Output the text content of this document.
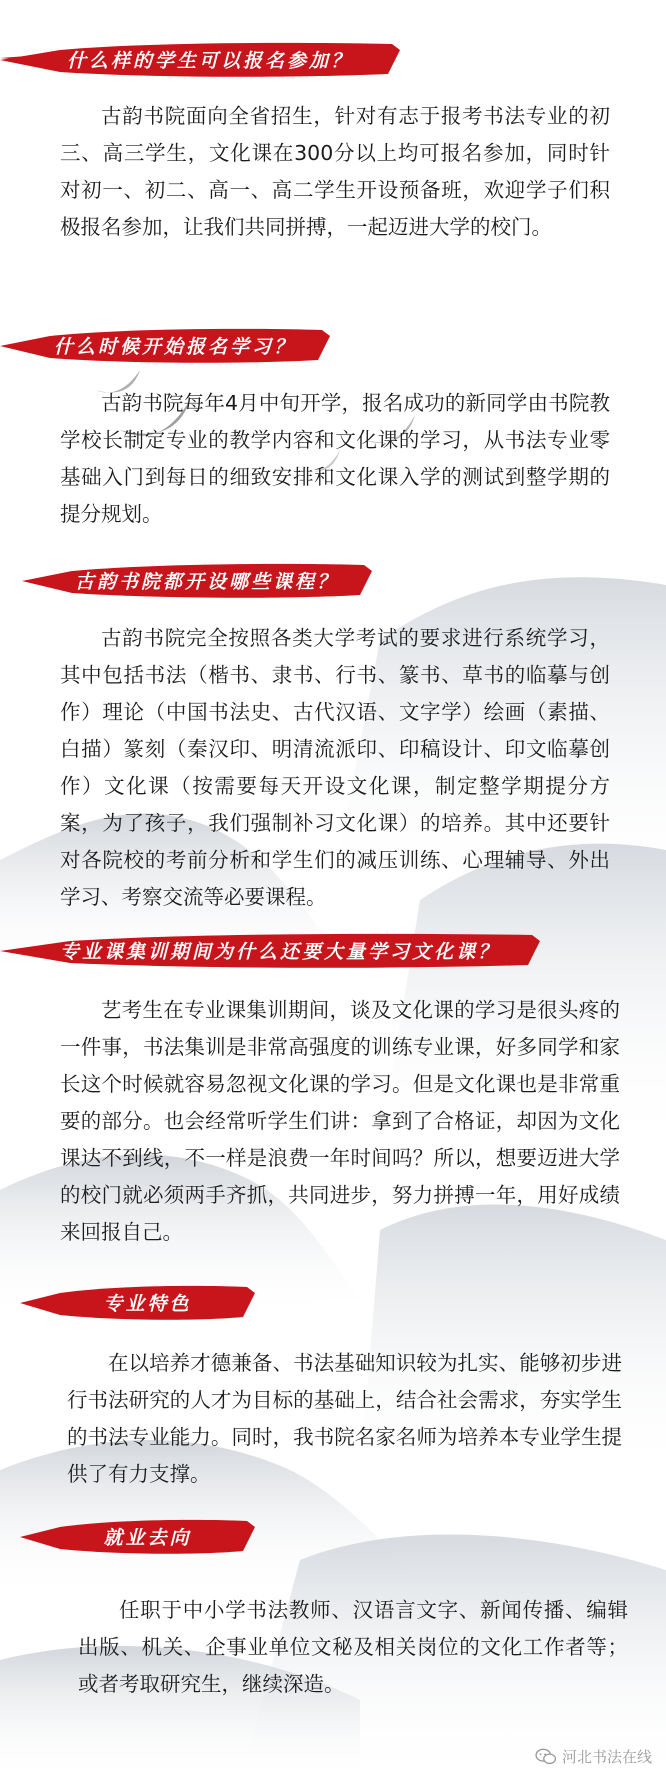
什么样的学生可以报名参加？

古韵书院面向全省招生，针对有志于报考书法专业的初三、高三学生，文化课在300分以上均可报名参加，同时针对初一、初二、高一、高二学生开设预备班，欢迎学子们积极报名参加，让我们共同拼搏，一起迈进大学的校门。

什么时候开始报名学习？

古韵书院每年4月中旬开学，报名成功的新同学由书院教学校长制定专业的教学内容和文化课的学习，从书法专业零基础入门到每日的细致安排和文化课入学的测试到整学期的提分规划。

古韵书院都开设哪些课程？

古韵书院完全按照各类大学考试的要求进行系统学习，其中包括书法（楷书、隶书、行书、篆书、草书的临摹与创作）理论（中国书法史、古代汉语、文字学）绘画（素描、白描）篆刻（秦汉印、明清流派印、印稿设计、印文临摹创作）文化课（按需要每天开设文化课，制定整学期提分方案，为了孩子，我们强制补习文化课）的培养。其中还要针对各院校的考前分析和学生们的减压训练、心理辅导、外出学习、考察交流等必要课程。

专业课集训期间为什么还要大量学习文化课？

艺考生在专业课集训期间，谈及文化课的学习是很头疼的一件事，书法集训是非常高强度的训练专业课，好多同学和家长这个时候就容易忽视文化课的学习。但是文化课也是非常重要的部分。也会经常听学生们讲：拿到了合格证，却因为文化课达不到线，不一样是浪费一年时间吗？所以，想要迈进大学的校门就必须两手齐抓，共同进步，努力拼搏一年，用好成绩来回报自己。

专业特色

在以培养才德兼备、书法基础知识较为扎实、能够初步进行书法研究的人才为目标的基础上，结合社会需求，夯实学生的书法专业能力。同时，我书院名家名师为培养本专业学生提供了有力支撑。

就业去向

任职于中小学书法教师、汉语言文字、新闻传播、编辑出版、机关、企事业单位文秘及相关岗位的文化工作者等；或者考取研究生，继续深造。

河北书法在线
